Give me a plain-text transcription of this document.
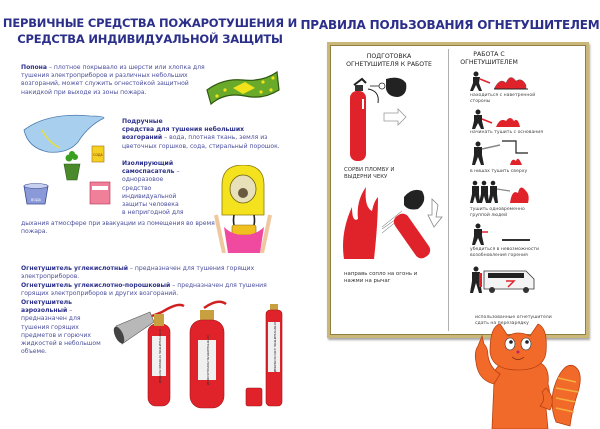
ПЕРВИЧНЫЕ СРЕДСТВА ПОЖАРОТУШЕНИЯ И
СРЕДСТВА ИНДИВИДУАЛЬНОЙ ЗАЩИТЫ
Попона – плотное покрывало из шерсти или хлопка для тушения электроприборов и различных небольших возгораний, может служить огнестойкой защитной накидкой при выходе из зоны пожара.
СОДА
ВОДА
Подручные
средства для тушения небольших
возгораний – вода, плотная ткань, земля из цветочных горшков, сода, стиральный порошок.
Изолирующий
самоспасатель –
одноразовое
средство
индивидуальной
защиты человека
в непригодной для
дыхания атмосфере при эвакуации из помещения во время пожара.
Огнетушитель углекислотный – предназначен для тушения горящих электроприборов.
Огнетушитель углекислотно-порошковый – предназначен для тушения горящих электроприборов и других возгораний.
Огнетушитель
аэрозольный –
предназначен для
тушения горящих
предметов и горючих
жидкостей в небольшом
объеме.	ОГНЕТУШИТЕЛЬ УГЛЕКИСЛОТНЫЙ	ОГНЕТУШИТЕЛЬ ПОРОШКОВЫЙ	ОГНЕТУШИТЕЛЬ АЭРОЗОЛЬНЫЙ
ПРАВИЛА ПОЛЬЗОВАНИЯ ОГНЕТУШИТЕЛЕМ
ПОДГОТОВКА
ОГНЕТУШИТЕЛЯ К РАБОТЕ
СОРВИ ПЛОМБУ И
ВЫДЕРНИ ЧЕКУ
направь сопло на огонь и
нажми на рычаг
РАБОТА С
ОГНЕТУШИТЕЛЕМ
находиться с наветренной
стороны
начинать тушить с основания
в нишах тушить сверху
тушить одновременно
группой людей
убедиться в невозможности
возобновления горения
использованные огнетушители
сдать на перезарядку
